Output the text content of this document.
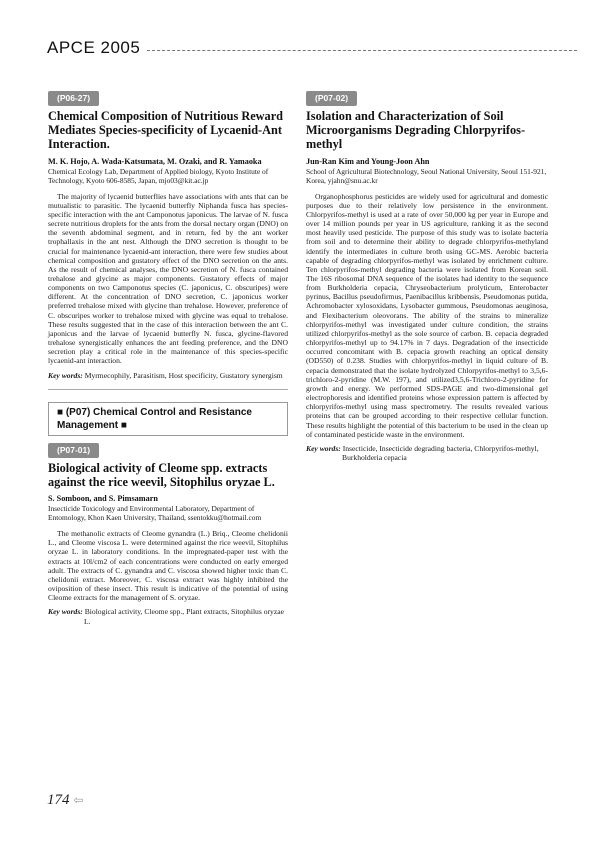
APCE 2005
(P06-27)
Chemical Composition of Nutritious Reward Mediates Species-specificity of Lycaenid-Ant Interaction.
M. K. Hojo, A. Wada-Katsumata, M. Ozaki, and R. Yamaoka
Chemical Ecology Lab, Department of Applied biology, Kyoto Institute of Technology, Kyoto 606-8585, Japan, mjo03@kit.ac.jp

The majority of lycaenid butterflies have associations with ants that can be mutualistic to parasitic. The lycaenid butterfly Niphanda fusca has species-specific interaction with the ant Camponotus japonicus. The larvae of N. fusca secrete nutritious droplets for the ants from the dorsal nectary organ (DNO) on the seventh abdominal segment, and in return, fed by the ant worker trophallaxis in the ant nest. Although the DNO secretion is thought to be crucial for maintenance lycaenid-ant interaction, there were few studies about chemical composition and gustatory effect of the DNO secretion on the ants. As the result of chemical analyses, the DNO secretion of N. fusca contained trehalose and glycine as major components. Gustatory effects of major components on two Camponotus species (C. japonicus, C. obscuripes) were different. At the concentration of DNO secretion, C. japonicus worker preferred trehalose mixed with glycine than trehalose. However, preference of C. obscuripes worker to trehalose mixed with glycine was equal to trehalose. These results suggested that in the case of this interaction between the ant C. japonicus and the larvae of lycaenid butterfly N. fusca, glycine-flavored trehalose synergistically enhances the ant feeding preference, and the DNO secretion play a critical role in the maintenance of this species-specific lycaenid-ant interaction.

Key words: Myrmecophily, Parasitism, Host specificity, Gustatory synergism
■ (P07) Chemical Control and Resistance Management ■
(P07-01)
Biological activity of Cleome spp. extracts against the rice weevil, Sitophilus oryzae L.
S. Somboon, and S. Pimsamarn
Insecticide Toxicology and Environmental Laboratory, Department of Entomology, Khon Kaen University, Thailand, ssentokku@hotmail.com

The methanolic extracts of Cleome gynandra (L.) Briq., Cleome chelidonii L., and Cleome viscosa L. were determined against the rice weevil, Sitophilus oryzae L. in laboratory conditions. In the impregnated-paper test with the extracts at 10l/cm2 of each concentrations were conducted on early emerged adult. The extracts of C. gynandra and C. viscosa showed higher toxic than C. chelidonii extract. Moreover, C. viscosa extract was highly inhibited the oviposition of these insect. This result is indicative of the potential of using Cleome extracts for the management of S. oryzae.

Key words: Biological activity, Cleome spp., Plant extracts, Sitophilus oryzae L.
(P07-02)
Isolation and Characterization of Soil Microorganisms Degrading Chlorpyrifos-methyl
Jun-Ran Kim and Young-Joon Ahn
School of Agricultural Biotechnology, Seoul National University, Seoul 151-921, Korea, yjahn@snu.ac.kr

Organophosphorus pesticides are widely used for agricultural and domestic purposes due to their relatively low persistence in the environment. Chlorpyrifos-methyl is used at a rate of over 50,000 kg per year in Europe and over 14 million pounds per year in US agriculture, ranking it as the second most heavily used pesticide. The purpose of this study was to isolate bacteria from soil and to determine their ability to degrade chlorpyrifos-methyland identify the intermediates in culture broth using GC-MS. Aerobic bacteria capable of degrading chlorpyrifos-methyl was isolated by enrichment culture. Ten chlorpyrifos-methyl degrading bacteria were isolated from Korean soil. The 16S ribosomal DNA sequence of the isolates had identity to the sequence from Burkholderia cepacia, Chryseobacterium prolyticum, Enterobacter pyrinus, Bacillus pseudofirmus, Paenibacillus kribbensis, Pseudomonas putida, Achromobacter xylosoxidans, Lysobacter gummous, Pseudomonas aeuginosa, and Flexibacterium oleovorans. The ability of the strains to mineralize chlorpyrifos-methyl was investigated under culture condition, the strains utilized chlorpyrifos-methyl as the sole source of carbon. B. cepacia degraded chlorpyrifos-methyl up to 94.17% in 7 days. Degradation of the insecticide occurred concomitant with B. cepacia growth reaching an optical density (OD550) of 0.238. Studies with chlorpyrifos-methyl in liquid culture of B. cepacia demonstrated that the isolate hydrolyzed Chlorpyrifos-methyl to 3,5,6- trichloro-2-pyridine (M.W. 197), and utilized3,5,6-Trichloro-2-pyridine for growth and energy. We performed SDS-PAGE and two-dimensional gel electrophoresis and identified proteins whose expression pattern is affected by chlorpyrifos-methyl using mass spectrometry. The results revealed various proteins that can be grouped according to their respective cellular function. These results highlight the potential of this bacterium to be used in the clean up of contaminated pesticide waste in the environment.

Key words: Insecticide, Insecticide degrading bacteria, Chlorpyrifos-methyl, Burkholderia cepacia
174 ⇦
